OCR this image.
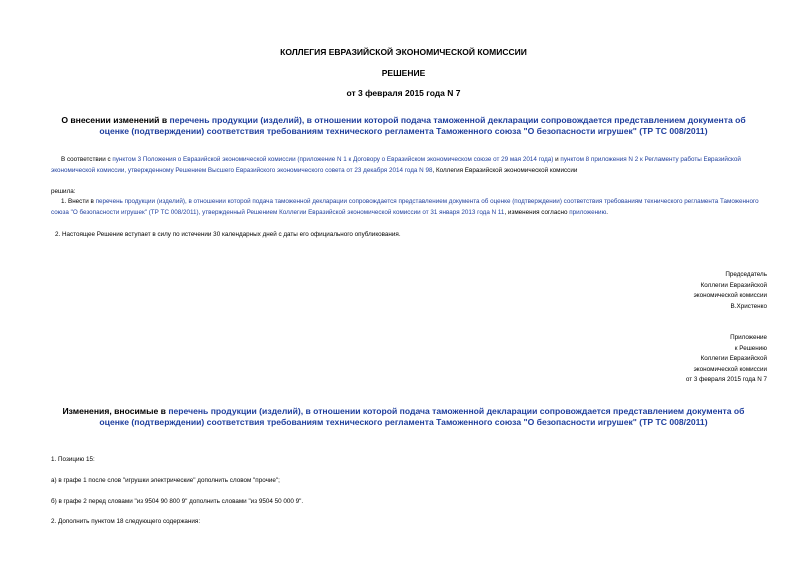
КОЛЛЕГИЯ ЕВРАЗИЙСКОЙ ЭКОНОМИЧЕСКОЙ КОМИССИИ
РЕШЕНИЕ
от 3 февраля 2015 года N 7
О внесении изменений в перечень продукции (изделий), в отношении которой подача таможенной декларации сопровождается представлением документа об оценке (подтверждении) соответствия требованиям технического регламента Таможенного союза "О безопасности игрушек" (ТР ТС 008/2011)
В соответствии с пунктом 3 Положения о Евразийской экономической комиссии (приложение N 1 к Договору о Евразийском экономическом союзе от 29 мая 2014 года) и пунктом 8 приложения N 2 к Регламенту работы Евразийской экономической комиссии, утвержденному Решением Высшего Евразийского экономического совета от 23 декабря 2014 года N 98, Коллегия Евразийской экономической комиссии
решила:
1. Внести в перечень продукции (изделий), в отношении которой подача таможенной декларации сопровождается представлением документа об оценке (подтверждении) соответствия требованиям технического регламента Таможенного союза "О безопасности игрушек" (ТР ТС 008/2011), утвержденный Решением Коллегии Евразийской экономической комиссии от 31 января 2013 года N 11, изменения согласно приложению.
2. Настоящее Решение вступает в силу по истечении 30 календарных дней с даты его официального опубликования.
Председатель
Коллегии Евразийской
экономической комиссии
В.Христенко
Приложение
к Решению
Коллегии Евразийской
экономической комиссии
от 3 февраля 2015 года N 7
Изменения, вносимые в перечень продукции (изделий), в отношении которой подача таможенной декларации сопровождается представлением документа об оценке (подтверждении) соответствия требованиям технического регламента Таможенного союза "О безопасности игрушек" (ТР ТС 008/2011)
1. Позицию 15:
а) в графе 1 после слов "игрушки электрические" дополнить словом "прочие";
б) в графе 2 перед словами "из 9504 90 800 9" дополнить словами "из 9504 50 000 9".
2. Дополнить пунктом 18 следующего содержания:
